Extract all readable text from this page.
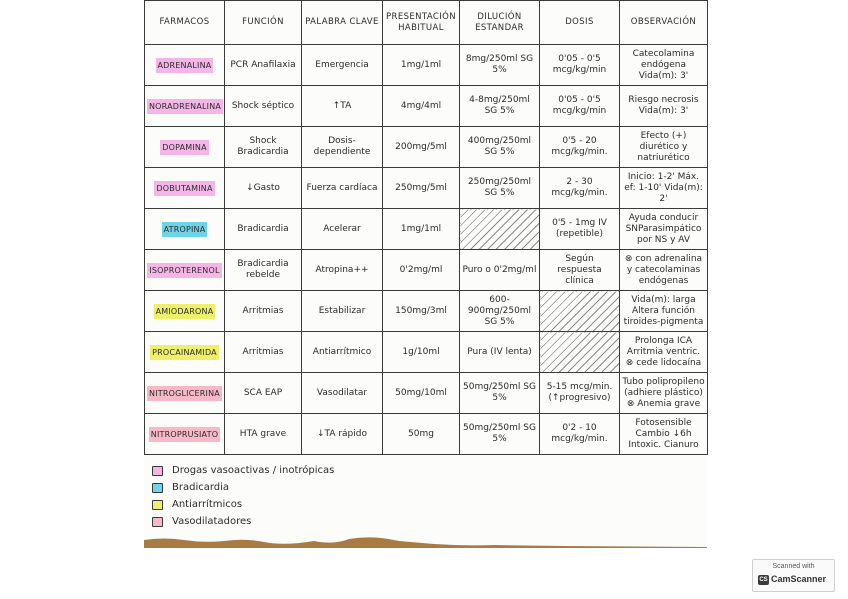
FARMACOS	FUNCIÓN	PALABRA CLAVE	PRESENTACIÓN HABITUAL	DILUCIÓN ESTANDAR	DOSIS	OBSERVACIÓN
ADRENALINA	PCR Anafilaxia	Emergencia	1mg/1ml	8mg/250ml SG 5%	0'05 - 0'5 mcg/kg/min	Catecolamina endógena Vida(m): 3'
NORADRENALINA	Shock séptico	↑TA	4mg/4ml	4-8mg/250ml SG 5%	0'05 - 0'5 mcg/kg/min	Riesgo necrosis Vida(m): 3'
DOPAMINA	Shock Bradicardia	Dosis-dependiente	200mg/5ml	400mg/250ml SG 5%	0'5 - 20 mcg/kg/min.	Efecto (+) diurético y natriurético
DOBUTAMINA	↓Gasto	Fuerza cardíaca	250mg/5ml	250mg/250ml SG 5%	2 - 30 mcg/kg/min.	Inicio: 1-2' Máx. ef: 1-10' Vida(m): 2'
ATROPINA	Bradicardia	Acelerar	1mg/1ml		0'5 - 1mg IV (repetible)	Ayuda conducir SNParasimpático por NS y AV
ISOPROTERENOL	Bradicardia rebelde	Atropina++	0'2mg/ml	Puro o 0'2mg/ml	Según respuesta clínica	⊗ con adrenalina y catecolaminas endógenas
AMIODARONA	Arritmias	Estabilizar	150mg/3ml	600-900mg/250ml SG 5%		Vida(m): larga Altera función tiroides-pigmenta
PROCAINAMIDA	Arritmias	Antiarrítmico	1g/10ml	Pura (IV lenta)		Prolonga ICA Arritmia ventric. ⊗ cede lidocaína
NITROGLICERINA	SCA EAP	Vasodilatar	50mg/10ml	50mg/250ml SG 5%	5-15 mcg/min. (↑progresivo)	Tubo polipropileno (adhiere plástico) ⊗ Anemia grave
NITROPRUSIATO	HTA grave	↓TA rápido	50mg	50mg/250ml SG 5%	0'2 - 10 mcg/kg/min.	Fotosensible Cambio ↓6h Intoxic. Cianuro
Drogas vasoactivas / inotrópicas
Bradicardia
Antiarrítmicos
Vasodilatadores
Scanned with
CS CamScanner
